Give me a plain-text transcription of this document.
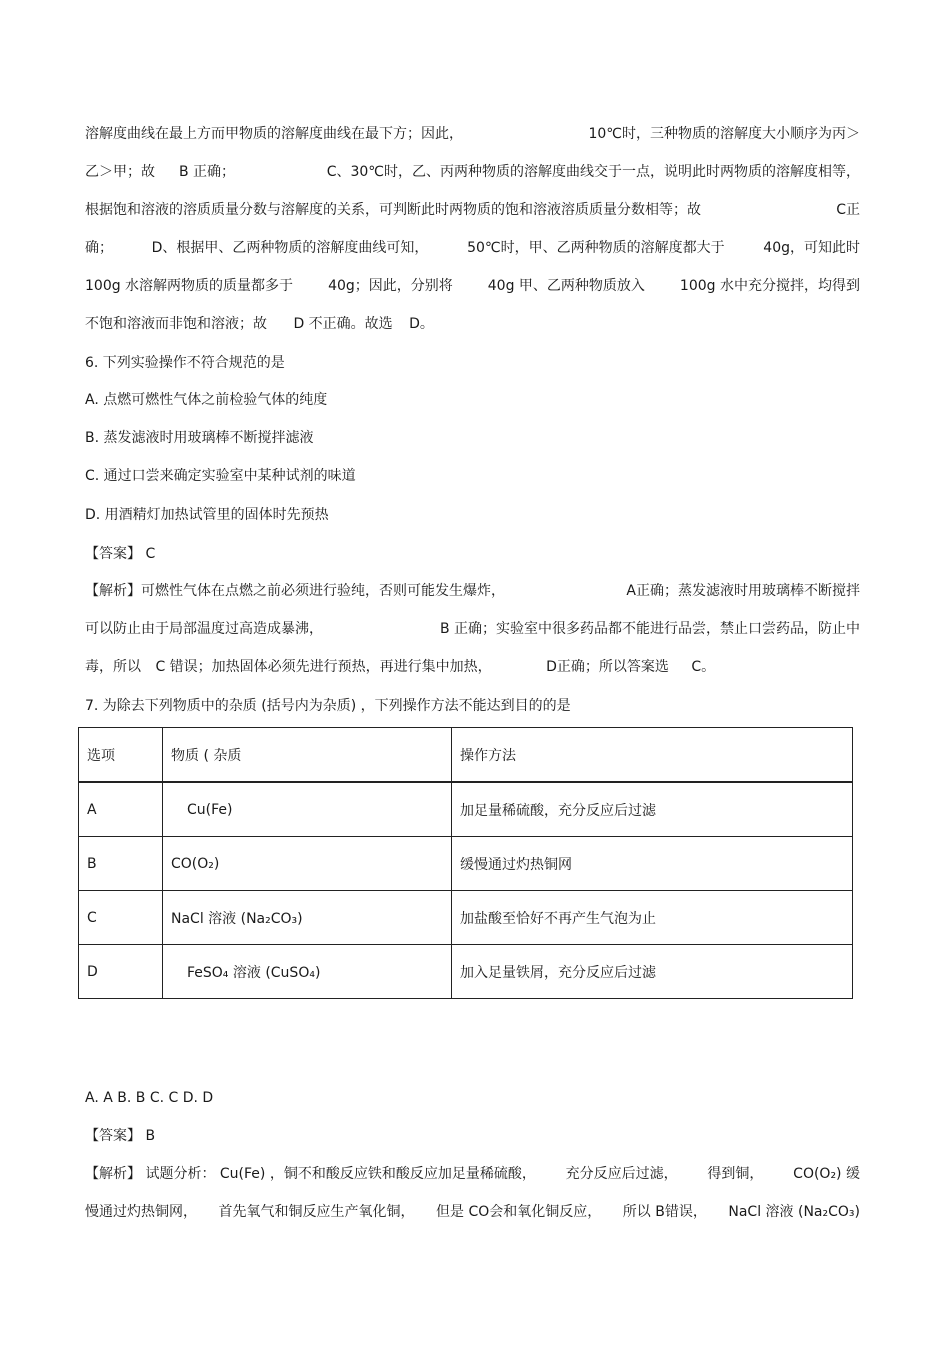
溶解度曲线在最上方而甲物质的溶解度曲线在最下方；因此，	10℃时，三种物质的溶解度大小顺序为丙＞
乙＞甲；故 B 正确；	C、30℃时，乙、丙两种物质的溶解度曲线交于一点，说明此时两物质的溶解度相等，
根据饱和溶液的溶质质量分数与溶解度的关系，可判断此时两物质的饱和溶液溶质质量分数相等；故	C正
确；	D、根据甲、乙两种物质的溶解度曲线可知，	50℃时，甲、乙两种物质的溶解度都大于	40g，可知此时
100g 水溶解两物质的质量都多于	40g；因此，分别将	40g 甲、乙两种物质放入	100g 水中充分搅拌，均得到
不饱和溶液而非饱和溶液；故 D 不正确。故选 D。
6. 下列实验操作不符合规范的是
A. 点燃可燃性气体之前检验气体的纯度
B. 蒸发滤液时用玻璃棒不断搅拌滤液
C. 通过口尝来确定实验室中某种试剂的味道
D. 用酒精灯加热试管里的固体时先预热
【答案】 C
【解析】可燃性气体在点燃之前必须进行验纯，否则可能发生爆炸，	A正确；蒸发滤液时用玻璃棒不断搅拌
可以防止由于局部温度过高造成暴沸，	B 正确；实验室中很多药品都不能进行品尝，禁止口尝药品，防止中
毒，所以 C 错误；加热固体必须先进行预热，再进行集中加热，	D正确；所以答案选 C。
7. 为除去下列物质中的杂质 (括号内为杂质) ，下列操作方法不能达到目的的是
选项	物质 ( 杂质	操作方法
A	Cu(Fe)	加足量稀硫酸，充分反应后过滤
B	CO(O₂)	缓慢通过灼热铜网
C	NaCl 溶液 (Na₂CO₃)	加盐酸至恰好不再产生气泡为止
D	FeSO₄ 溶液 (CuSO₄)	加入足量铁屑，充分反应后过滤
A. A B. B C. C D. D
【答案】 B
【解析】 试题分析： Cu(Fe) ，铜不和酸反应铁和酸反应加足量稀硫酸， 充分反应后过滤， 得到铜， CO(O₂) 缓
慢通过灼热铜网， 首先氧气和铜反应生产氧化铜， 但是 CO会和氧化铜反应， 所以 B错误， NaCl 溶液 (Na₂CO₃)
